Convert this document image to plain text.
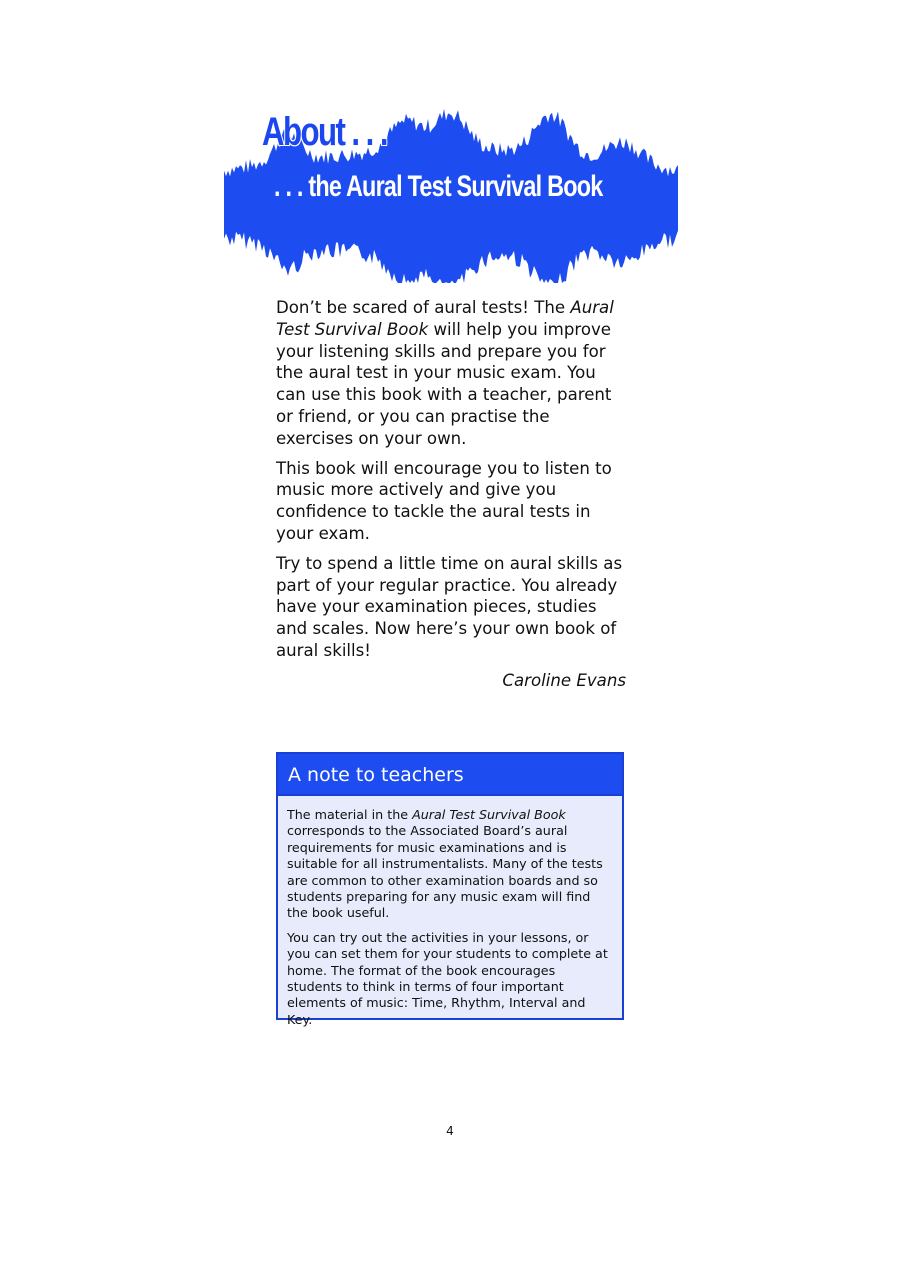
About . . .
. . . the Aural Test Survival Book

Don’t be scared of aural tests! The Aural Test Survival Book will help you improve your listening skills and prepare you for the aural test in your music exam. You can use this book with a teacher, parent or friend, or you can practise the exercises on your own.

This book will encourage you to listen to music more actively and give you confidence to tackle the aural tests in your exam.

Try to spend a little time on aural skills as part of your regular practice. You already have your examination pieces, studies and scales. Now here’s your own book of aural skills!

Caroline Evans

A note to teachers

The material in the Aural Test Survival Book corresponds to the Associated Board’s aural requirements for music examinations and is suitable for all instrumentalists. Many of the tests are common to other examination boards and so students preparing for any music exam will find the book useful.

You can try out the activities in your lessons, or you can set them for your students to complete at home. The format of the book encourages students to think in terms of four important elements of music: Time, Rhythm, Interval and Key.

4
